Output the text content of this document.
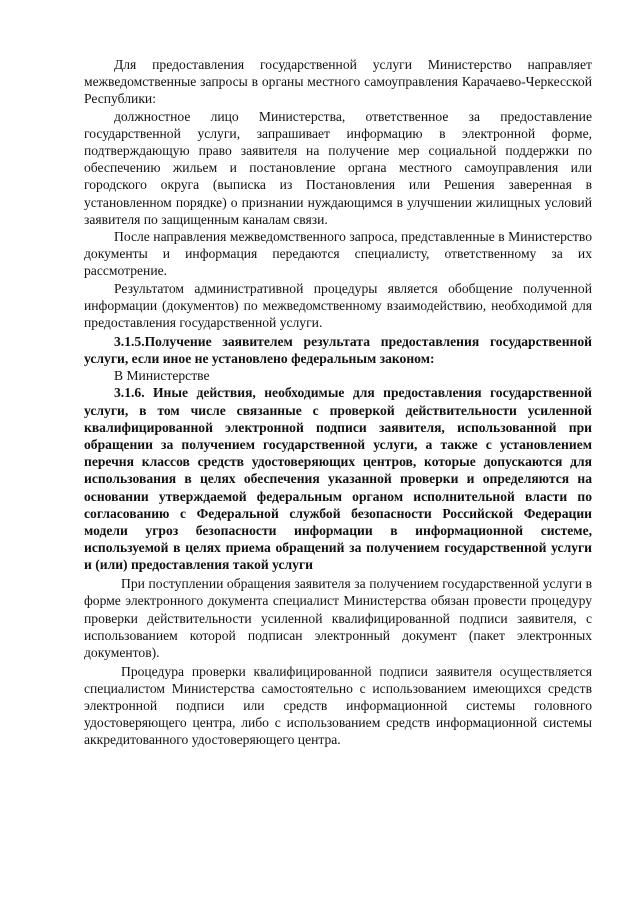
Для предоставления государственной услуги Министерство направляет межведомственные запросы в органы местного самоуправления Карачаево-Черкесской Республики:

должностное лицо Министерства, ответственное за предоставление государственной услуги, запрашивает информацию в электронной форме, подтверждающую право заявителя на получение мер социальной поддержки по обеспечению жильем и постановление органа местного самоуправления или городского округа (выписка из Постановления или Решения заверенная в установленном порядке) о признании нуждающимся в улучшении жилищных условий заявителя по защищенным каналам связи.

После направления межведомственного запроса, представленные в Министерство документы и информация передаются специалисту, ответственному за их рассмотрение.

Результатом административной процедуры является обобщение полученной информации (документов) по межведомственному взаимодействию, необходимой для предоставления государственной услуги.

3.1.5.Получение заявителем результата предоставления государственной услуги, если иное не установлено федеральным законом:

В Министерстве

3.1.6. Иные действия, необходимые для предоставления государственной услуги, в том числе связанные с проверкой действительности усиленной квалифицированной электронной подписи заявителя, использованной при обращении за получением государственной услуги, а также с установлением перечня классов средств удостоверяющих центров, которые допускаются для использования в целях обеспечения указанной проверки и определяются на основании утверждаемой федеральным органом исполнительной власти по согласованию с Федеральной службой безопасности Российской Федерации модели угроз безопасности информации в информационной системе, используемой в целях приема обращений за получением государственной услуги и (или) предоставления такой услуги

При поступлении обращения заявителя за получением государственной услуги в форме электронного документа специалист Министерства обязан провести процедуру проверки действительности усиленной квалифицированной подписи заявителя, с использованием которой подписан электронный документ (пакет электронных документов).

Процедура проверки квалифицированной подписи заявителя осуществляется специалистом Министерства самостоятельно с использованием имеющихся средств электронной подписи или средств информационной системы головного удостоверяющего центра, либо с использованием средств информационной системы аккредитованного удостоверяющего центра.
